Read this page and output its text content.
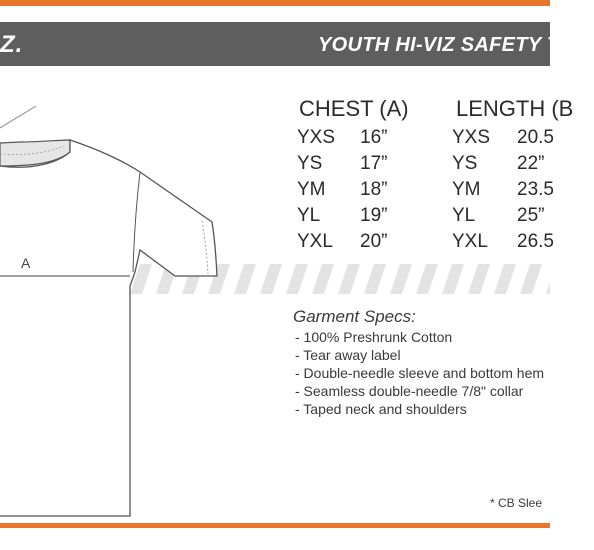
Z.	YOUTH HI-VIZ SAFETY T-SH
A
CHEST (A) LENGTH (B
YXS 16”	YXS 20.5
YS 17”	YS 22”
YM 18”	YM 23.5
YL 19”	YL 25”
YXL 20”	YXL 26.5
Garment Specs:
- 100% Preshrunk Cotton
- Tear away label
- Double-needle sleeve and bottom hem
- Seamless double-needle 7/8" collar
- Taped neck and shoulders
* CB Slee
